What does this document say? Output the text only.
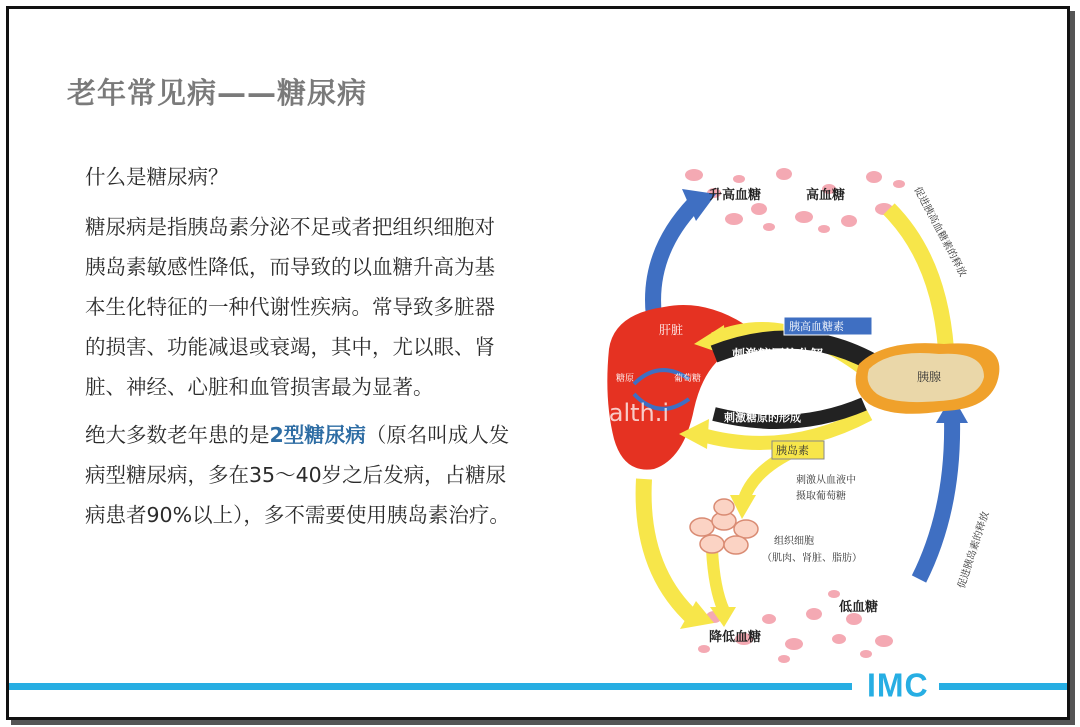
老年常见病——糖尿病

什么是糖尿病？

糖尿病是指胰岛素分泌不足或者把组织细胞对胰岛素敏感性降低，而导致的以血糖升高为基本生化特征的一种代谢性疾病。常导致多脏器的损害、功能减退或衰竭，其中，尤以眼、肾脏、神经、心脏和血管损害最为显著。

绝大多数老年患的是2型糖尿病（原名叫成人发病型糖尿病，多在35～40岁之后发病，占糖尿病患者90%以上），多不需要使用胰岛素治疗。

肝脏
糖原	葡萄糖
刺激糖原的分解
刺激糖原的形成
胰腺
胰高血糖素
胰岛素
刺激从血液中
摄取葡萄糖
组织细胞
（肌肉、肾脏、脂肪）
升高血糖	高血糖
低血糖
降低血糖
促进胰高血糖素的释放
促进胰岛素的释放
ealth.i
IMC
